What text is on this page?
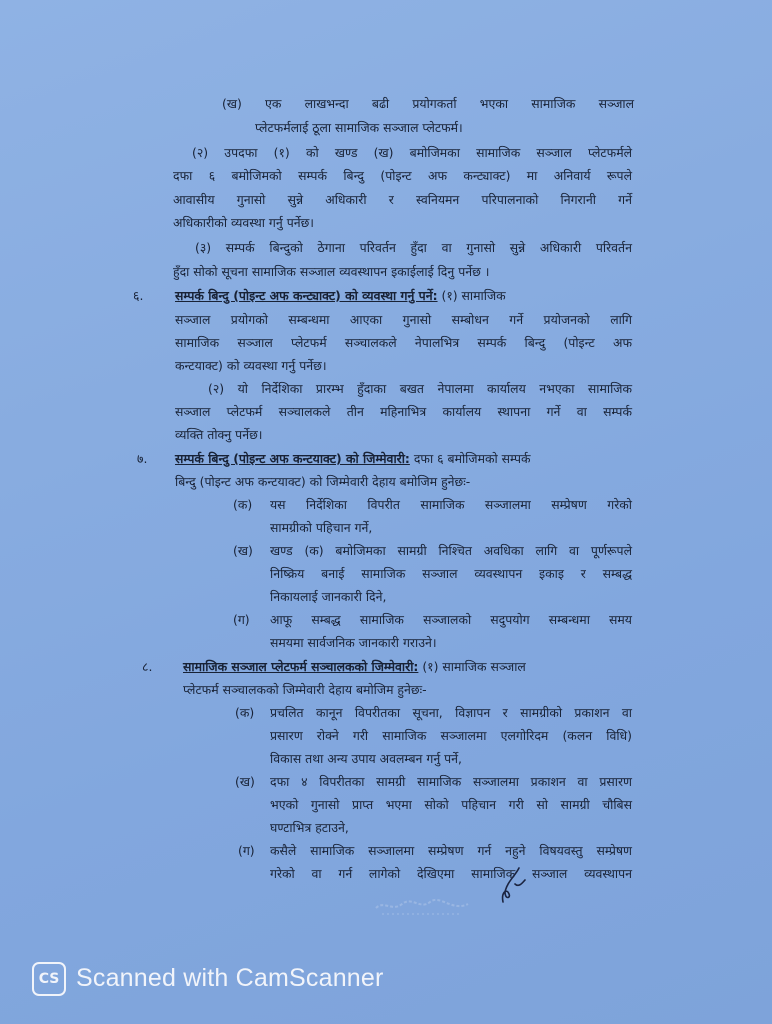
(ख) एक लाखभन्दा बढी प्रयोगकर्ता भएका सामाजिक सञ्जाल
प्लेटफर्मलाई ठूला सामाजिक सञ्जाल प्लेटफर्म।
(२) उपदफा (१) को खण्ड (ख) बमोजिमका सामाजिक सञ्जाल प्लेटफर्मले
दफा ६ बमोजिमको सम्पर्क बिन्दु (पोइन्ट अफ कन्ट्याक्ट) मा अनिवार्य रूपले
आवासीय गुनासो सुन्ने अधिकारी र स्वनियमन परिपालनाको निगरानी गर्ने
अधिकारीको व्यवस्था गर्नु पर्नेछ।
(३) सम्पर्क बिन्दुको ठेगाना परिवर्तन हुँदा वा गुनासो सुन्ने अधिकारी परिवर्तन
हुँदा सोको सूचना सामाजिक सञ्जाल व्यवस्थापन इकाईलाई दिनु पर्नेछ ।
६.	सम्पर्क बिन्दु (पोइन्ट अफ कन्ट्याक्ट) को व्यवस्था गर्नु पर्ने: (१) सामाजिक
सञ्जाल प्रयोगको सम्बन्धमा आएका गुनासो सम्बोधन गर्ने प्रयोजनको लागि
सामाजिक सञ्जाल प्लेटफर्म सञ्चालकले नेपालभित्र सम्पर्क बिन्दु (पोइन्ट अफ
कन्टयाक्ट) को व्यवस्था गर्नु पर्नेछ।
(२) यो निर्देशिका प्रारम्भ हुँदाका बखत नेपालमा कार्यालय नभएका सामाजिक
सञ्जाल प्लेटफर्म सञ्चालकले तीन महिनाभित्र कार्यालय स्थापना गर्ने वा सम्पर्क
व्यक्ति तोक्नु पर्नेछ।
७. सम्पर्क बिन्दु (पोइन्ट अफ कन्टयाक्ट) को जिम्मेवारी: दफा ६ बमोजिमको सम्पर्क
बिन्दु (पोइन्ट अफ कन्टयाक्ट) को जिम्मेवारी देहाय बमोजिम हुनेछः-
(क) यस निर्देशिका विपरीत सामाजिक सञ्जालमा सम्प्रेषण गरेको
सामग्रीको पहिचान गर्ने,
(ख) खण्ड (क) बमोजिमका सामग्री निश्चित अवधिका लागि वा पूर्णरूपले
निष्क्रिय बनाई सामाजिक सञ्जाल व्यवस्थापन इकाइ र सम्बद्ध
निकायलाई जानकारी दिने,
(ग) आफू सम्बद्ध सामाजिक सञ्जालको सदुपयोग सम्बन्धमा समय
समयमा सार्वजनिक जानकारी गराउने।
८. सामाजिक सञ्जाल प्लेटफर्म सञ्चालकको जिम्मेवारी: (१) सामाजिक सञ्जाल
प्लेटफर्म सञ्चालकको जिम्मेवारी देहाय बमोजिम हुनेछः-
(क) प्रचलित कानून विपरीतका सूचना, विज्ञापन र सामग्रीको प्रकाशन वा
प्रसारण रोक्ने गरी सामाजिक सञ्जालमा एलगोरिदम (कलन विधि)
विकास तथा अन्य उपाय अवलम्बन गर्नु पर्ने,
(ख) दफा ४ विपरीतका सामग्री सामाजिक सञ्जालमा प्रकाशन वा प्रसारण
भएको गुनासो प्राप्त भएमा सोको पहिचान गरी सो सामग्री चौबिस
घण्टाभित्र हटाउने,
(ग) कसैले सामाजिक सञ्जालमा सम्प्रेषण गर्न नहुने विषयवस्तु सम्प्रेषण
गरेको वा गर्न लागेको देखिएमा सामाजिक सञ्जाल व्यवस्थापन
CS Scanned with CamScanner
